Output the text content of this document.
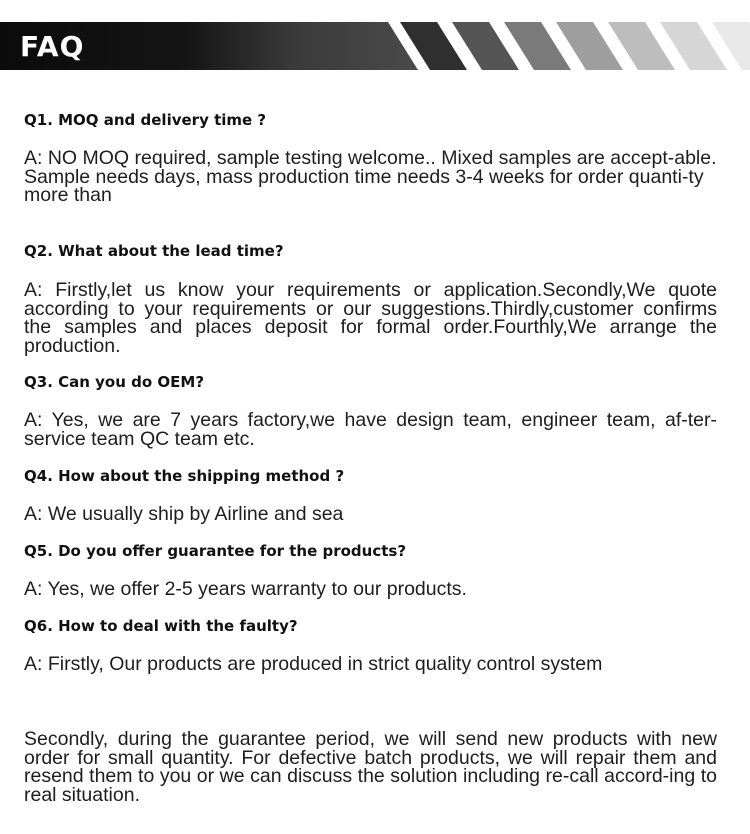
FAQ
Q1. MOQ and delivery time ?

A: NO MOQ required, sample testing welcome.. Mixed samples are accept-able.

Sample needs days, mass production time needs 3-4 weeks for order quanti-ty more than

Q2. What about the lead time?

A: Firstly,let us know your requirements or application.Secondly,We quote according to your requirements or our suggestions.Thirdly,customer confirms the samples and places deposit for formal order.Fourthly,We arrange the production.

Q3. Can you do OEM?

A: Yes, we are 7 years factory,we have design team, engineer team, af-ter-service team QC team etc.

Q4. How about the shipping method ?

A: We usually ship by Airline and sea

Q5. Do you offer guarantee for the products?

A: Yes, we offer 2-5 years warranty to our products.

Q6. How to deal with the faulty?

A: Firstly, Our products are produced in strict quality control system

Secondly, during the guarantee period, we will send new products with new order for small quantity. For defective batch products, we will repair them and resend them to you or we can discuss the solution including re-call accord-ing to real situation.
